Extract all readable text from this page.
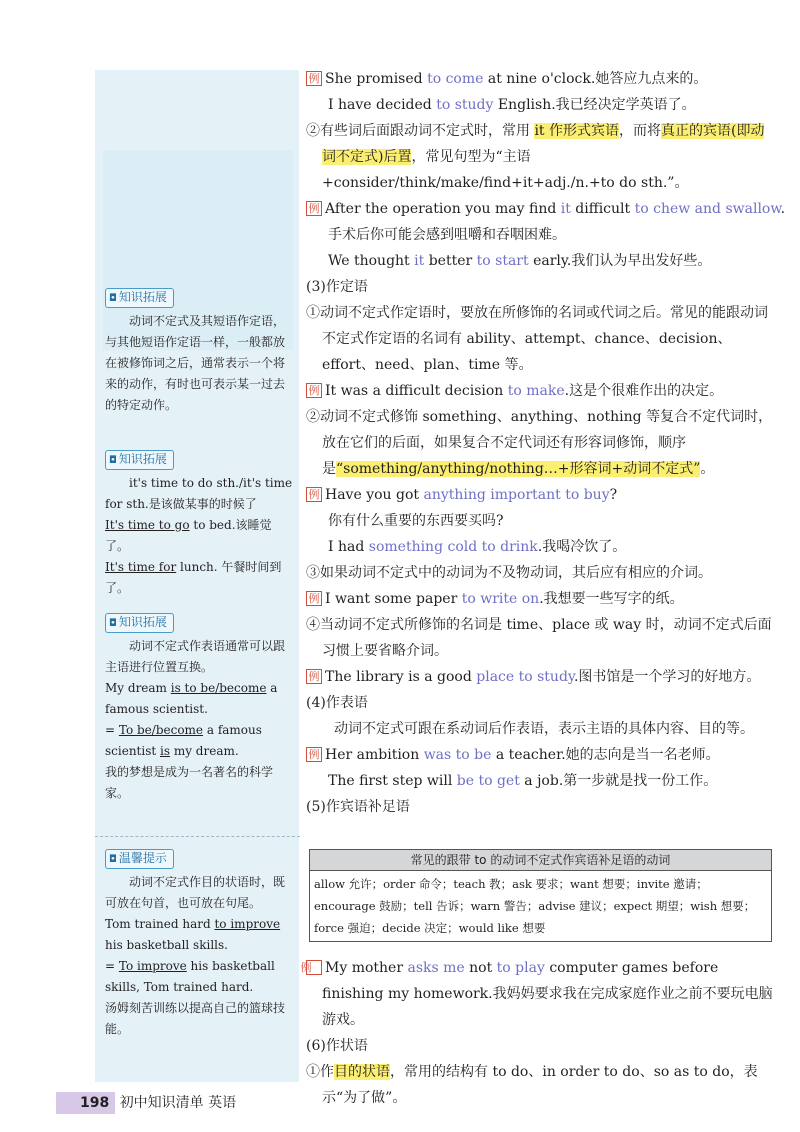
◘ 知识拓展

动词不定式及其短语作定语，与其他短语作定语一样，一般都放在被修饰词之后，通常表示一个将来的动作，有时也可表示某一过去的特定动作。

◘ 知识拓展

it's time to do sth./it's time for sth.是该做某事的时候了

It's time to go to bed.该睡觉了。

It's time for lunch. 午餐时间到了。

◘ 知识拓展

动词不定式作表语通常可以跟主语进行位置互换。

My dream is to be/become a famous scientist.

= To be/become a famous scientist is my dream.

我的梦想是成为一名著名的科学家。

◘ 温馨提示

动词不定式作目的状语时，既可放在句首，也可放在句尾。

Tom trained hard to improve his basketball skills.

= To improve his basketball skills, Tom trained hard.

汤姆刻苦训练以提高自己的篮球技能。

例 She promised to come at nine o'clock.她答应九点来的。
I have decided to study English.我已经决定学英语了。
②有些词后面跟动词不定式时，常用 it 作形式宾语，而将真正的宾语(即动词不定式)后置，常见句型为“主语+consider/think/make/find+it+adj./n.+to do sth.”。
例 After the operation you may find it difficult to chew and swallow.
手术后你可能会感到咀嚼和吞咽困难。
We thought it better to start early.我们认为早出发好些。
(3)作定语
①动词不定式作定语时，要放在所修饰的名词或代词之后。常见的能跟动词不定式作定语的名词有 ability、attempt、chance、decision、effort、need、plan、time 等。
例 It was a difficult decision to make.这是个很难作出的决定。
②动词不定式修饰 something、anything、nothing 等复合不定代词时，放在它们的后面，如果复合不定代词还有形容词修饰，顺序是“something/anything/nothing…+形容词+动词不定式”。
例 Have you got anything important to buy?
你有什么重要的东西要买吗?
I had something cold to drink.我喝冷饮了。
③如果动词不定式中的动词为不及物动词，其后应有相应的介词。
例 I want some paper to write on.我想要一些写字的纸。
④当动词不定式所修饰的名词是 time、place 或 way 时，动词不定式后面习惯上要省略介词。
例 The library is a good place to study.图书馆是一个学习的好地方。
(4)作表语
动词不定式可跟在系动词后作表语，表示主语的具体内容、目的等。
例 Her ambition was to be a teacher.她的志向是当一名老师。
The first step will be to get a job.第一步就是找一份工作。
(5)作宾语补足语
常见的跟带 to 的动词不定式作宾语补足语的动词
allow 允许；order 命令；teach 教；ask 要求；want 想要；invite 邀请；encourage 鼓励；tell 告诉；warn 警告；advise 建议；expect 期望；wish 想要；force 强迫；decide 决定；would like 想要
例 My mother asks me not to play computer games before finishing my homework.我妈妈要求我在完成家庭作业之前不要玩电脑游戏。
(6)作状语
①作目的状语，常用的结构有 to do、in order to do、so as to do，表示“为了做”。
198 初中知识清单 英语
